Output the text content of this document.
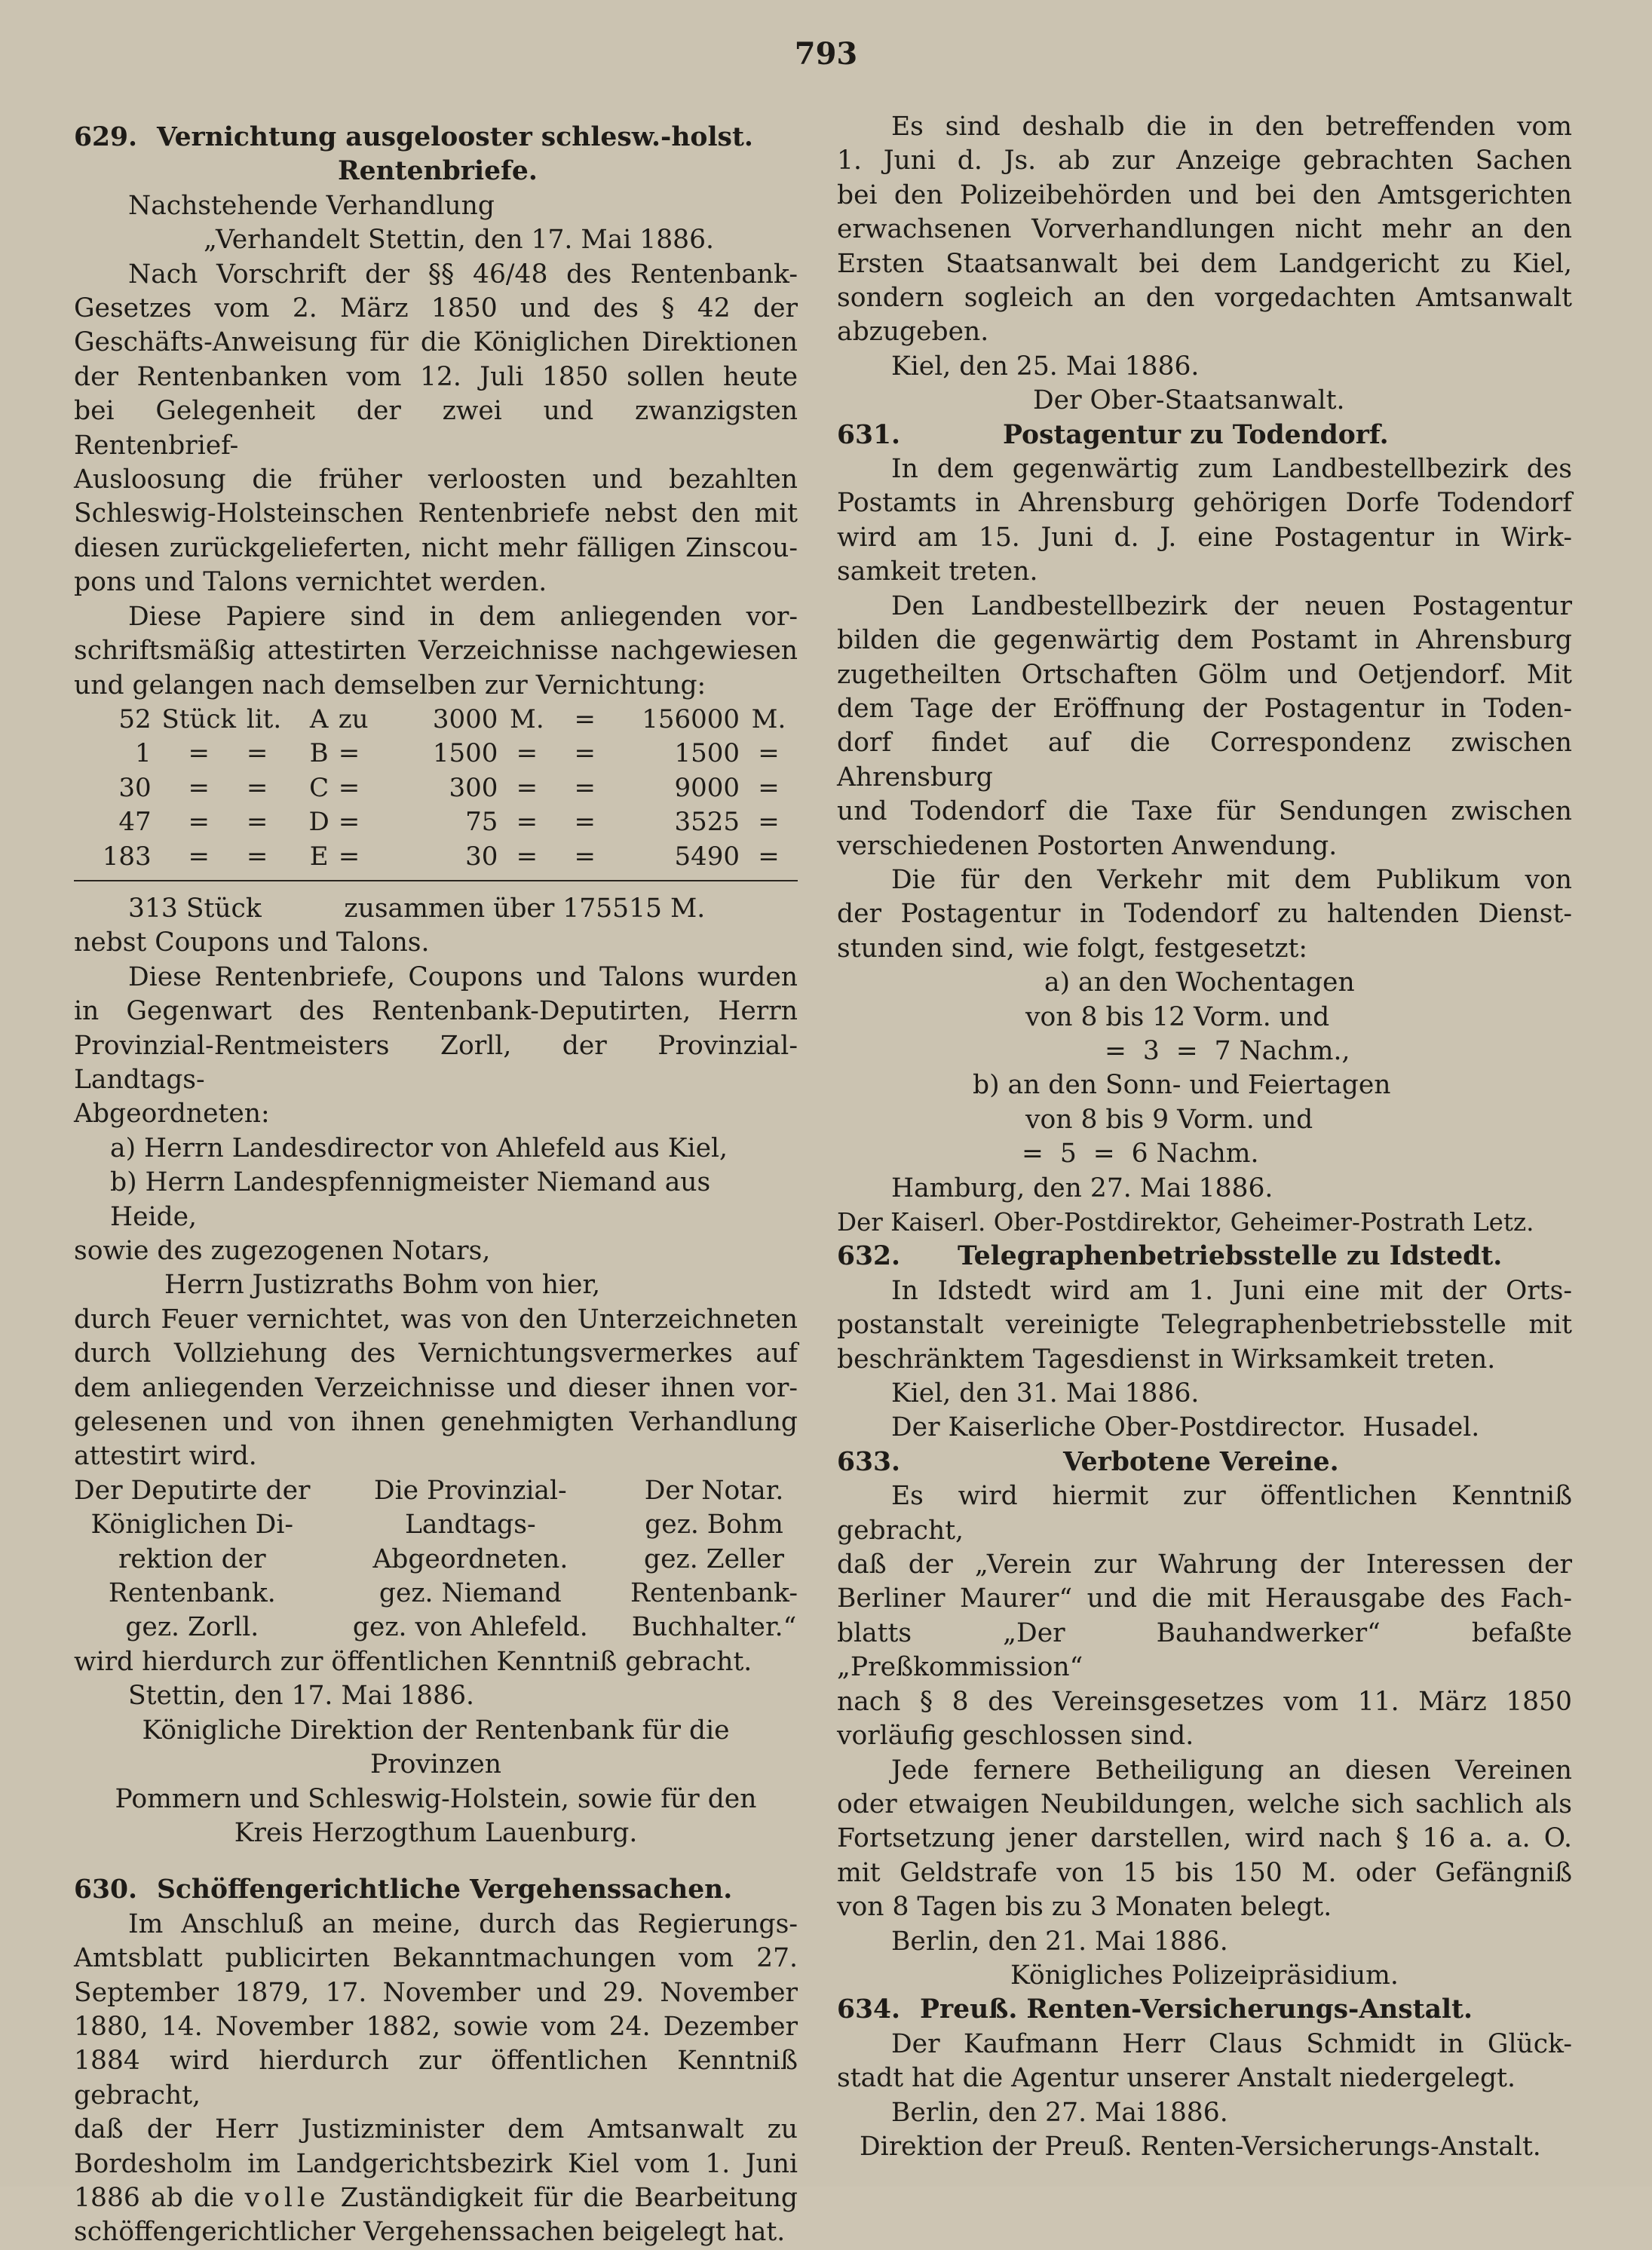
793

629. Vernichtung ausgelooster schlesw.-holst.

Rentenbriefe.

Nachstehende Verhandlung

„Verhandelt Stettin, den 17. Mai 1886.

Nach Vorschrift der §§ 46/48 des Rentenbank-

Gesetzes vom 2. März 1850 und des § 42 der

Geschäfts-Anweisung für die Königlichen Direktionen

der Rentenbanken vom 12. Juli 1850 sollen heute

bei Gelegenheit der zwei und zwanzigsten Rentenbrief-

Ausloosung die früher verloosten und bezahlten

Schleswig-Holsteinschen Rentenbriefe nebst den mit

diesen zurückgelieferten, nicht mehr fälligen Zinscou-

pons und Talons vernichtet werden.

Diese Papiere sind in dem anliegenden vor-

schriftsmäßig attestirten Verzeichnisse nachgewiesen

und gelangen nach demselben zur Vernichtung:

52	Stück	lit.	A	zu	3000	M.	=	156000	M.
1	=	=	B	=	1500	=	=	1500	=
30	=	=	C	=	300	=	=	9000	=
47	=	=	D	=	75	=	=	3525	=
183	=	=	E	=	30	=	=	5490	=

313 Stück          zusammen über 175515 M.

nebst Coupons und Talons.

Diese Rentenbriefe, Coupons und Talons wurden

in Gegenwart des Rentenbank-Deputirten, Herrn

Provinzial-Rentmeisters Zorll, der Provinzial-Landtags-

Abgeordneten:

a) Herrn Landesdirector von Ahlefeld aus Kiel,

b) Herrn Landespfennigmeister Niemand aus Heide,

sowie des zugezogenen Notars,

Herrn Justizraths Bohm von hier,

durch Feuer vernichtet, was von den Unterzeichneten

durch Vollziehung des Vernichtungsvermerkes auf

dem anliegenden Verzeichnisse und dieser ihnen vor-

gelesenen und von ihnen genehmigten Verhandlung

attestirt wird.

Der Deputirte der

Königlichen Di-

rektion der

Rentenbank.

gez. Zorll.

Die Provinzial-

Landtags-

Abgeordneten.

gez. Niemand

gez. von Ahlefeld.

Der Notar.

gez. Bohm

gez. Zeller

Rentenbank-

Buchhalter.“

wird hierdurch zur öffentlichen Kenntniß gebracht.

Stettin, den 17. Mai 1886.

Königliche Direktion der Rentenbank für die Provinzen

Pommern und Schleswig-Holstein, sowie für den

Kreis Herzogthum Lauenburg.

630. Schöffengerichtliche Vergehenssachen.

Im Anschluß an meine, durch das Regierungs-

Amtsblatt publicirten Bekanntmachungen vom 27.

September 1879, 17. November und 29. November

1880, 14. November 1882, sowie vom 24. Dezember

1884 wird hierdurch zur öffentlichen Kenntniß gebracht,

daß der Herr Justizminister dem Amtsanwalt zu

Bordesholm im Landgerichtsbezirk Kiel vom 1. Juni

1886 ab die volle Zuständigkeit für die Bearbeitung

schöffengerichtlicher Vergehenssachen beigelegt hat.

Es sind deshalb die in den betreffenden vom

1. Juni d. Js. ab zur Anzeige gebrachten Sachen

bei den Polizeibehörden und bei den Amtsgerichten

erwachsenen Vorverhandlungen nicht mehr an den

Ersten Staatsanwalt bei dem Landgericht zu Kiel,

sondern sogleich an den vorgedachten Amtsanwalt

abzugeben.

Kiel, den 25. Mai 1886.

Der Ober-Staatsanwalt.

631.	Postagentur zu Todendorf.

In dem gegenwärtig zum Landbestellbezirk des

Postamts in Ahrensburg gehörigen Dorfe Todendorf

wird am 15. Juni d. J. eine Postagentur in Wirk-

samkeit treten.

Den Landbestellbezirk der neuen Postagentur

bilden die gegenwärtig dem Postamt in Ahrensburg

zugetheilten Ortschaften Gölm und Oetjendorf. Mit

dem Tage der Eröffnung der Postagentur in Toden-

dorf findet auf die Correspondenz zwischen Ahrensburg

und Todendorf die Taxe für Sendungen zwischen

verschiedenen Postorten Anwendung.

Die für den Verkehr mit dem Publikum von

der Postagentur in Todendorf zu haltenden Dienst-

stunden sind, wie folgt, festgesetzt:

a) an den Wochentagen

von 8 bis 12 Vorm. und

=  3  =  7 Nachm.,

b) an den Sonn- und Feiertagen

von 8 bis 9 Vorm. und

=  5  =  6 Nachm.

Hamburg, den 27. Mai 1886.

Der Kaiserl. Ober-Postdirektor, Geheimer-Postrath Letz.

632. Telegraphenbetriebsstelle zu Idstedt.

In Idstedt wird am 1. Juni eine mit der Orts-

postanstalt vereinigte Telegraphenbetriebsstelle mit

beschränktem Tagesdienst in Wirksamkeit treten.

Kiel, den 31. Mai 1886.

Der Kaiserliche Ober-Postdirector.  Husadel.

633.	Verbotene Vereine.

Es wird hiermit zur öffentlichen Kenntniß gebracht,

daß der „Verein zur Wahrung der Interessen der

Berliner Maurer“ und die mit Herausgabe des Fach-

blatts „Der Bauhandwerker“ befaßte „Preßkommission“

nach § 8 des Vereinsgesetzes vom 11. März 1850

vorläufig geschlossen sind.

Jede fernere Betheiligung an diesen Vereinen

oder etwaigen Neubildungen, welche sich sachlich als

Fortsetzung jener darstellen, wird nach § 16 a. a. O.

mit Geldstrafe von 15 bis 150 M. oder Gefängniß

von 8 Tagen bis zu 3 Monaten belegt.

Berlin, den 21. Mai 1886.

Königliches Polizeipräsidium.

634. Preuß. Renten-Versicherungs-Anstalt.

Der Kaufmann Herr Claus Schmidt in Glück-

stadt hat die Agentur unserer Anstalt niedergelegt.

Berlin, den 27. Mai 1886.

Direktion der Preuß. Renten-Versicherungs-Anstalt.
